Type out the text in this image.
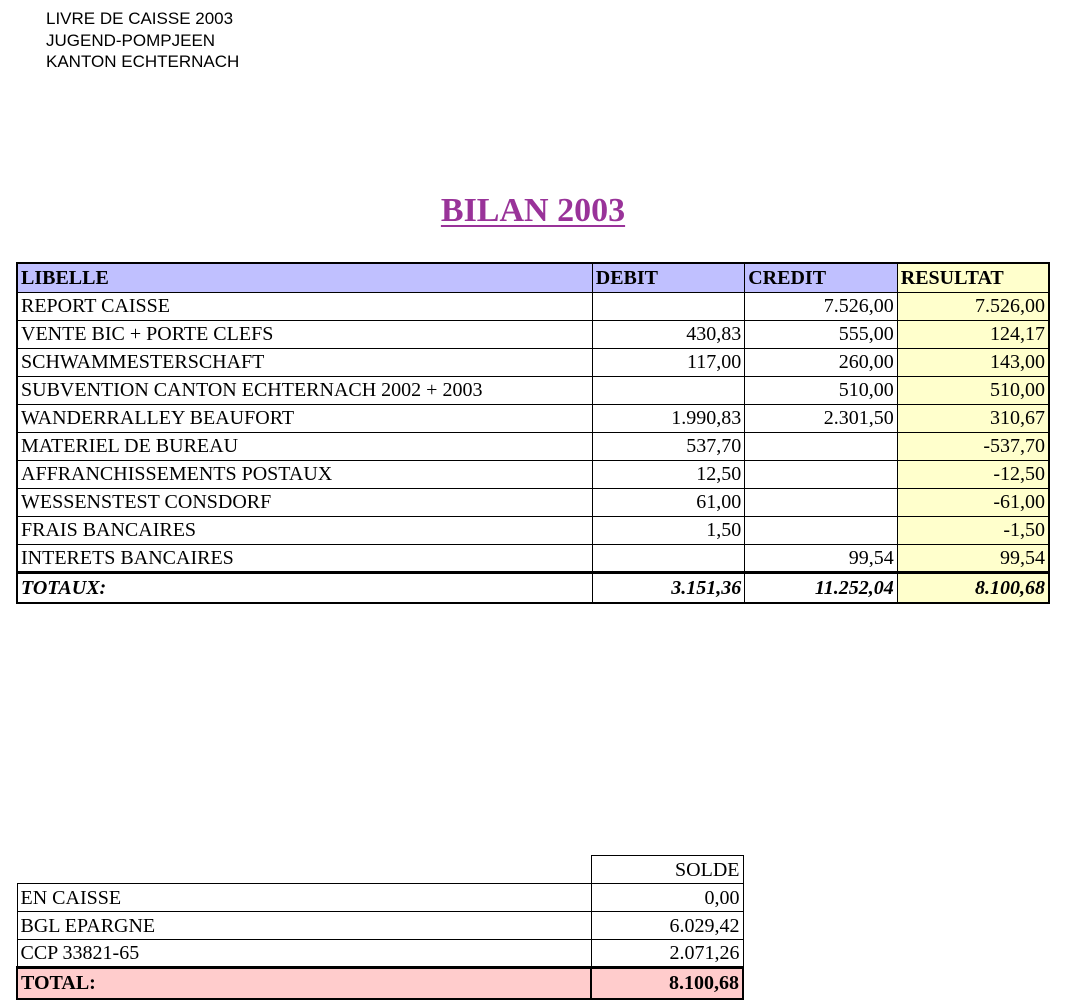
LIVRE DE CAISSE 2003
JUGEND-POMPJEEN
KANTON ECHTERNACH
BILAN 2003
LIBELLE	DEBIT	CREDIT	RESULTAT
REPORT CAISSE		7.526,00	7.526,00
VENTE BIC + PORTE CLEFS	430,83	555,00	124,17
SCHWAMMESTERSCHAFT	117,00	260,00	143,00
SUBVENTION CANTON ECHTERNACH 2002 + 2003		510,00	510,00
WANDERRALLEY BEAUFORT	1.990,83	2.301,50	310,67
MATERIEL DE BUREAU	537,70		-537,70
AFFRANCHISSEMENTS POSTAUX	12,50		-12,50
WESSENSTEST CONSDORF	61,00		-61,00
FRAIS BANCAIRES	1,50		-1,50
INTERETS BANCAIRES		99,54	99,54
TOTAUX:	3.151,36	11.252,04	8.100,68
	SOLDE
EN CAISSE	0,00
BGL EPARGNE	6.029,42
CCP 33821-65	2.071,26
TOTAL:	8.100,68
